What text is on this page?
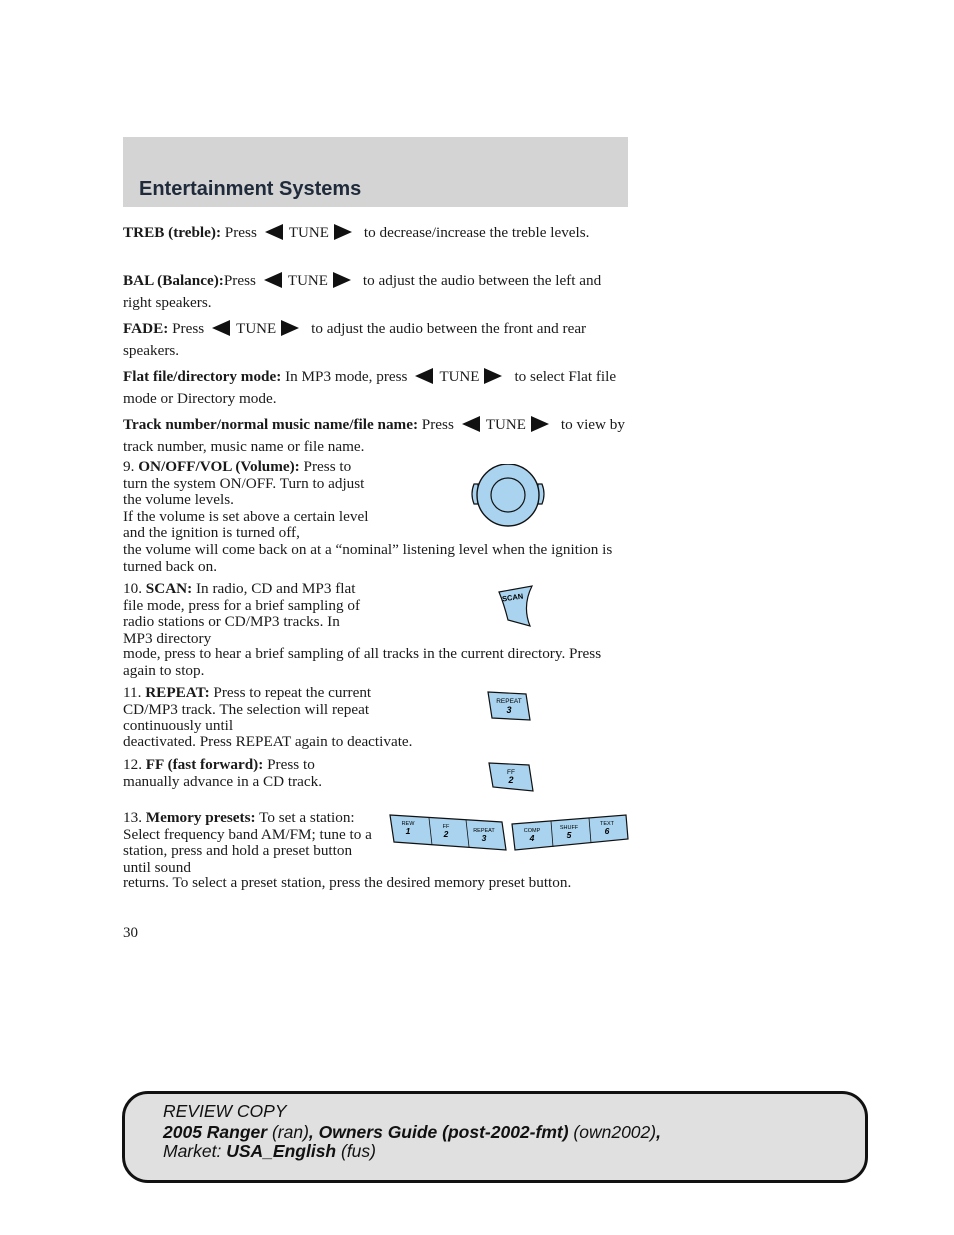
Entertainment Systems
TREB (treble): Press TUNE to decrease/increase the treble levels.
BAL (Balance):Press TUNE to adjust the audio between the left and right speakers.
FADE: Press TUNE to adjust the audio between the front and rear speakers.
Flat file/directory mode: In MP3 mode, press TUNE to select Flat file mode or Directory mode.
Track number/normal music name/file name: Press TUNE to view by track number, music name or file name.
9. ON/OFF/VOL (Volume): Press to turn the system ON/OFF. Turn to adjust the volume levels.
If the volume is set above a certain level and the ignition is turned off,
the volume will come back on at a “nominal” listening level when the ignition is turned back on.
10. SCAN: In radio, CD and MP3 flat file mode, press for a brief sampling of radio stations or CD/MP3 tracks. In MP3 directory
mode, press to hear a brief sampling of all tracks in the current directory. Press again to stop.
SCAN
11. REPEAT: Press to repeat the current CD/MP3 track. The selection will repeat continuously until
deactivated. Press REPEAT again to deactivate.
REPEAT
3
12. FF (fast forward): Press to manually advance in a CD track.	FF
2
13. Memory presets: To set a station: Select frequency band AM/FM; tune to a station, press and hold a preset button until sound
returns. To select a preset station, press the desired memory preset button.
REW
1	FF
2	REPEAT
3
COMP
4
SHUFF
5
TEXT
6
30
REVIEW COPY
2005 Ranger (ran), Owners Guide (post-2002-fmt) (own2002),
Market: USA_English (fus)
